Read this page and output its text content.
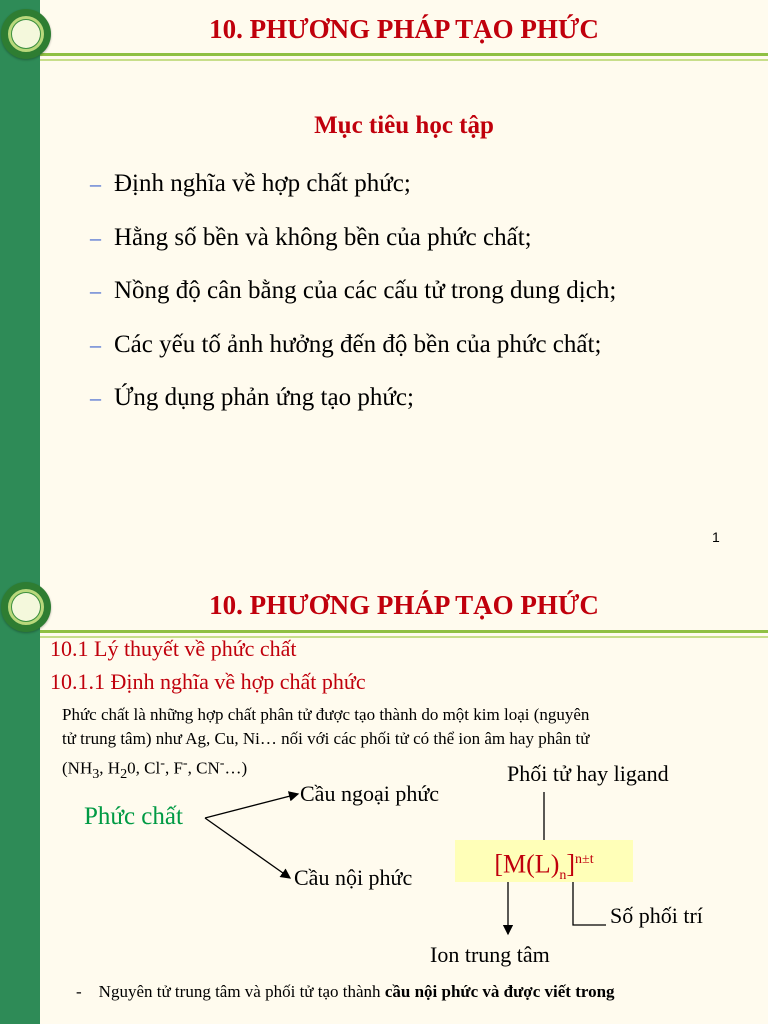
10. PHƯƠNG PHÁP TẠO PHỨC
Mục tiêu học tập
– Định nghĩa về hợp chất phức;
– Hằng số bền và không bền của phức chất;
– Nồng độ cân bằng của các cấu tử trong dung dịch;
– Các yếu tố ảnh hưởng đến độ bền của phức chất;
– Ứng dụng phản ứng tạo phức;
1
10. PHƯƠNG PHÁP TẠO PHỨC
10.1 Lý thuyết về phức chất
10.1.1 Định nghĩa về hợp chất phức
Phức chất là những hợp chất phân tử được tạo thành do một kim loại (nguyên
tử trung tâm) như Ag, Cu, Ni… nối với các phối tử có thể ion âm hay phân tử
($NH_3$, $H_20$, Cl-, F-, CN-…)
Phức chất
Cầu ngoại phức
Cầu nội phức
Phối tử hay ligand
Số phối trí
Ion trung tâm
$[M(L)_n]^{n\pm t}$
- Nguyên tử trung tâm và phối tử tạo thành cầu nội phức và được viết trong
